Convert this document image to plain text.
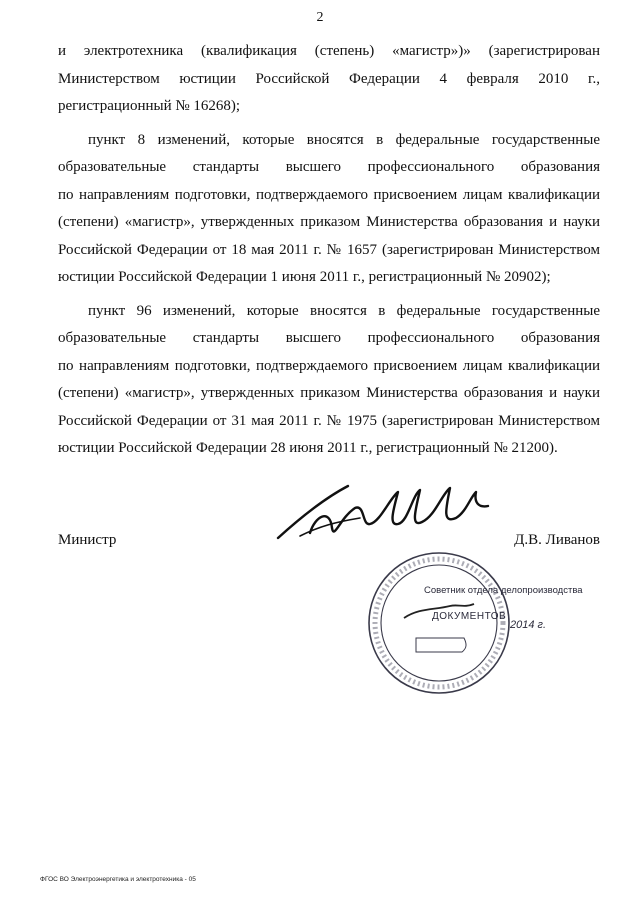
2
и электротехника (квалификация (степень) «магистр»)» (зарегистрирован
Министерством юстиции Российской Федерации 4 февраля 2010 г.,
регистрационный № 16268);
пункт 8 изменений, которые вносятся в федеральные государственные
образовательные стандарты высшего профессионального образования
по направлениям подготовки, подтверждаемого присвоением лицам квалификации
(степени) «магистр», утвержденных приказом Министерства образования и науки
Российской Федерации от 18 мая 2011 г. № 1657 (зарегистрирован Министерством
юстиции Российской Федерации 1 июня 2011 г., регистрационный № 20902);
пункт 96 изменений, которые вносятся в федеральные государственные
образовательные стандарты высшего профессионального образования
по направлениям подготовки, подтверждаемого присвоением лицам квалификации
(степени) «магистр», утвержденных приказом Министерства образования и науки
Российской Федерации от 31 мая 2011 г. № 1975 (зарегистрирован Министерством
юстиции Российской Федерации 28 июня 2011 г., регистрационный № 21200).
Министр	Д.В. Ливанов
Советник отдела делопроизводства
ДОКУМЕНТОВ
2014 г.
ФГОС ВО Электроэнергетика и электротехника - 05
